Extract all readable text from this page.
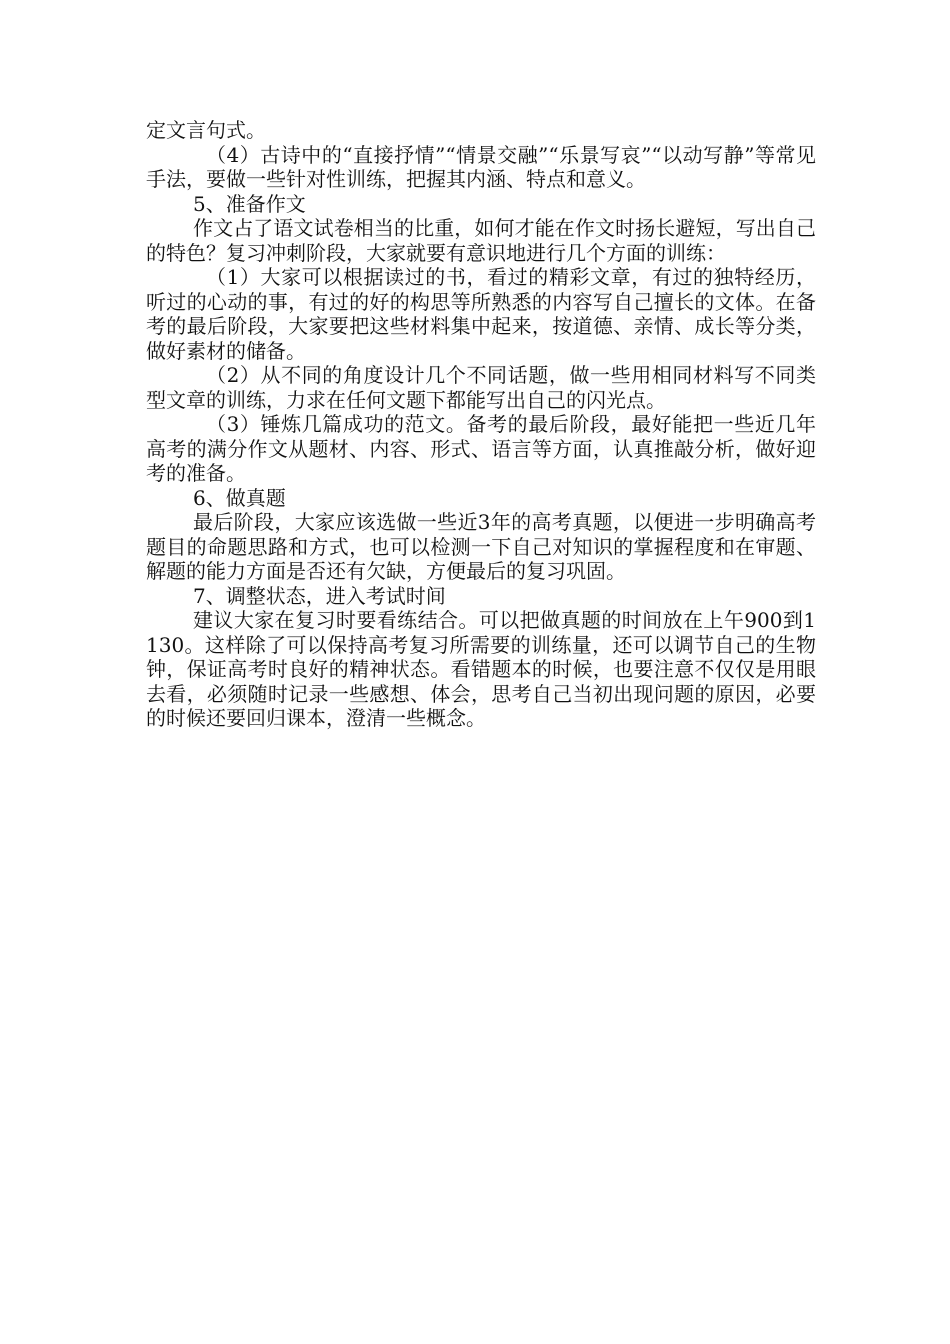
定文言句式。

（4）古诗中的“直接抒情”“情景交融”“乐景写哀”“以动写静”等常见手法，要做一些针对性训练，把握其内涵、特点和意义。

5、准备作文

作文占了语文试卷相当的比重，如何才能在作文时扬长避短，写出自己的特色？复习冲刺阶段，大家就要有意识地进行几个方面的训练：

（1）大家可以根据读过的书，看过的精彩文章，有过的独特经历，听过的心动的事，有过的好的构思等所熟悉的内容写自己擅长的文体。在备考的最后阶段，大家要把这些材料集中起来，按道德、亲情、成长等分类，做好素材的储备。

（2）从不同的角度设计几个不同话题，做一些用相同材料写不同类型文章的训练，力求在任何文题下都能写出自己的闪光点。

（3）锤炼几篇成功的范文。备考的最后阶段，最好能把一些近几年高考的满分作文从题材、内容、形式、语言等方面，认真推敲分析，做好迎考的准备。

6、做真题

最后阶段，大家应该选做一些近3年的高考真题，以便进一步明确高考题目的命题思路和方式，也可以检测一下自己对知识的掌握程度和在审题、解题的能力方面是否还有欠缺，方便最后的复习巩固。

7、调整状态，进入考试时间

建议大家在复习时要看练结合。可以把做真题的时间放在上午900到1130。这样除了可以保持高考复习所需要的训练量，还可以调节自己的生物钟，保证高考时良好的精神状态。看错题本的时候，也要注意不仅仅是用眼去看，必须随时记录一些感想、体会，思考自己当初出现问题的原因，必要的时候还要回归课本，澄清一些概念。
